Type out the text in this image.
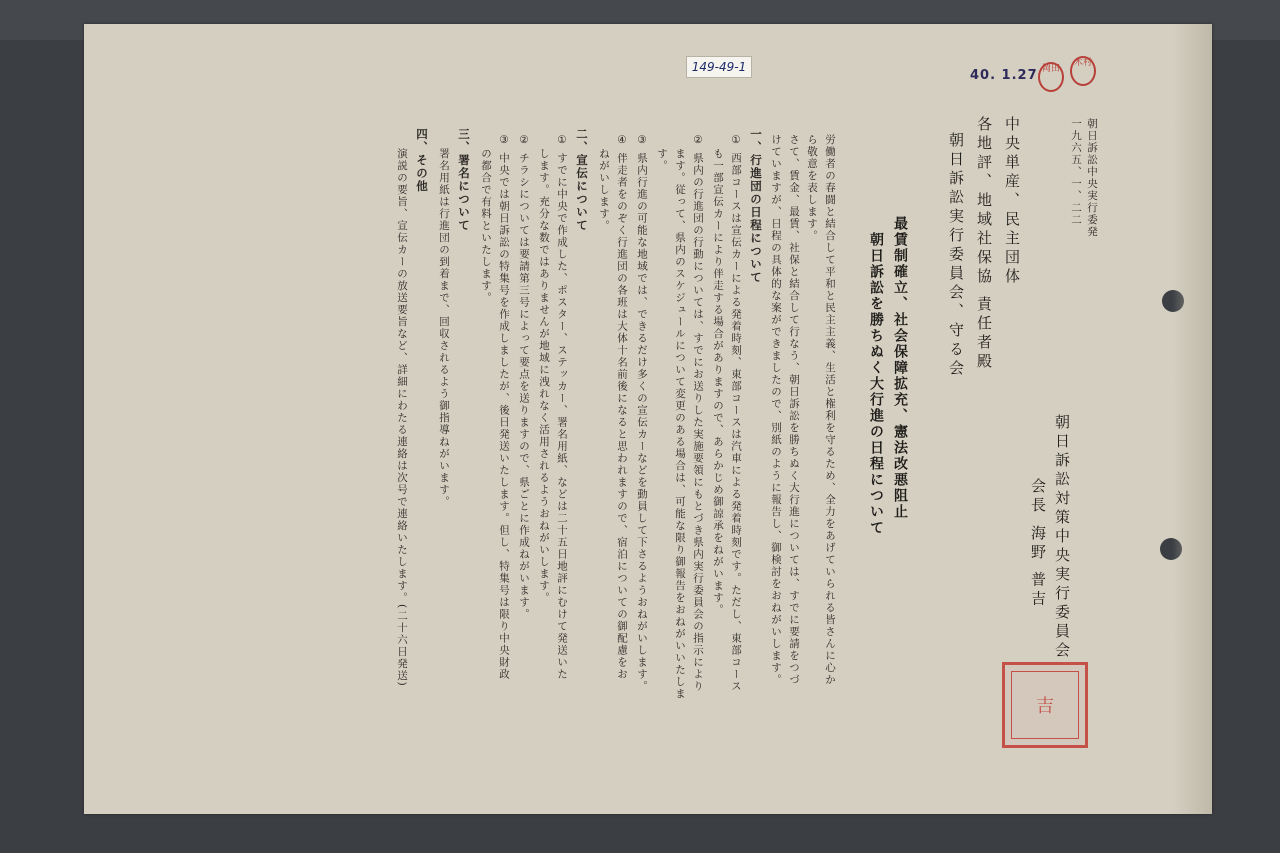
朝日訴訟中央実行委発
一九六五、一、二二
中央単産、民主団体
各地評、地域社保協 責任者殿
朝日訴訟実行委員会、守る会
朝日訴訟対策中央実行委員会
会長 海野 普吉
最賃制確立、社会保障拡充、憲法改悪阻止
朝日訴訟を勝ちぬく大行進の日程について
労働者の春闘と結合して平和と民主主義、生活と権利を守るため、全力をあげていられる皆さんに心か
ら敬意を表します。
さて、賃金、最賃、社保と結合して行なう、朝日訴訟を勝ちぬく大行進については、すでに要請をつづ
けていますが、日程の具体的な案ができましたので、別紙のように報告し、御検討をおねがいします。
一、行進団の日程について
① 西部コースは宣伝カーによる発着時刻、東部コースは汽車による発着時刻です。ただし、東部コース
も一部宣伝カーにより伴走する場合がありますので、あらかじめ御諒承をねがいます。
② 県内の行進団の行動については、すでにお送りした実施要領にもとづき県内実行委員会の指示により
ます。従って、県内のスケジュールについて変更のある場合は、可能な限り御報告をおねがいいたしま
す。
③ 県内行進の可能な地域では、できるだけ多くの宣伝カーなどを動員して下さるようおねがいします。
④ 伴走者をのぞく行進団の各班は大体十名前後になると思われますので、宿泊についての御配慮をお
ねがいします。
二、宣伝について
① すでに中央で作成した、ポスター、ステッカー、署名用紙、などは二十五日地評にむけて発送いた
します。充分な数ではありませんが地域に洩れなく活用されるようおねがいします。
② チラシについては要請第三号によって要点を送りますので、県ごとに作成ねがいます。
③ 中央では朝日訴訟の特集号を作成しましたが、後日発送いたします。但し、特集号は限り中央財政
の都合で有料といたします。
三、署名について
署名用紙は行進団の到着まで、回収されるよう御指導ねがいます。
四、その他
演説の要旨、宣伝カーの放送要旨など、詳細にわたる連絡は次号で連絡いたします。(二十六日発送)
149-49-1
40. 1.27 岡田
木村
吉
